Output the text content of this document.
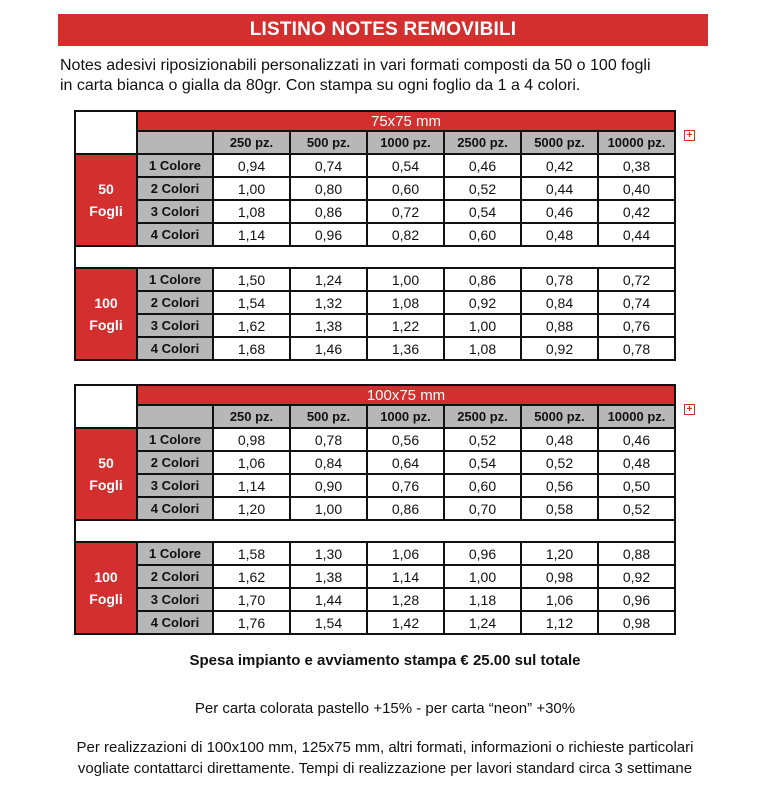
LISTINO NOTES REMOVIBILI
Notes adesivi riposizionabili personalizzati in vari formati composti da 50 o 100 fogli
in carta bianca o gialla da 80gr. Con stampa su ogni foglio da 1 a 4 colori.
	75x75 mm						
		250 pz.	500 pz.	1000 pz.	2500 pz.	5000 pz.	10000 pz.

50
Fogli	1 Colore	0,94	0,74	0,54	0,46	0,42	0,38
	2 Colori	1,00	0,80	0,60	0,52	0,44	0,40
	3 Colori	1,08	0,86	0,72	0,54	0,46	0,42
	4 Colori	1,14	0,96	0,82	0,60	0,48	0,44

100
Fogli	1 Colore	1,50	1,24	1,00	0,86	0,78	0,72
	2 Colori	1,54	1,32	1,08	0,92	0,84	0,74
	3 Colori	1,62	1,38	1,22	1,00	0,88	0,76
	4 Colori	1,68	1,46	1,36	1,08	0,92	0,78
+
	100x75 mm						
		250 pz.	500 pz.	1000 pz.	2500 pz.	5000 pz.	10000 pz.

50
Fogli	1 Colore	0,98	0,78	0,56	0,52	0,48	0,46
	2 Colori	1,06	0,84	0,64	0,54	0,52	0,48
	3 Colori	1,14	0,90	0,76	0,60	0,56	0,50
	4 Colori	1,20	1,00	0,86	0,70	0,58	0,52

100
Fogli	1 Colore	1,58	1,30	1,06	0,96	1,20	0,88
	2 Colori	1,62	1,38	1,14	1,00	0,98	0,92
	3 Colori	1,70	1,44	1,28	1,18	1,06	0,96
	4 Colori	1,76	1,54	1,42	1,24	1,12	0,98
+
Spesa impianto e avviamento stampa € 25.00 sul totale
Per carta colorata pastello +15% - per carta “neon” +30%
Per realizzazioni di 100x100 mm, 125x75 mm, altri formati, informazioni o richieste particolari
vogliate contattarci direttamente. Tempi di realizzazione per lavori standard circa 3 settimane
